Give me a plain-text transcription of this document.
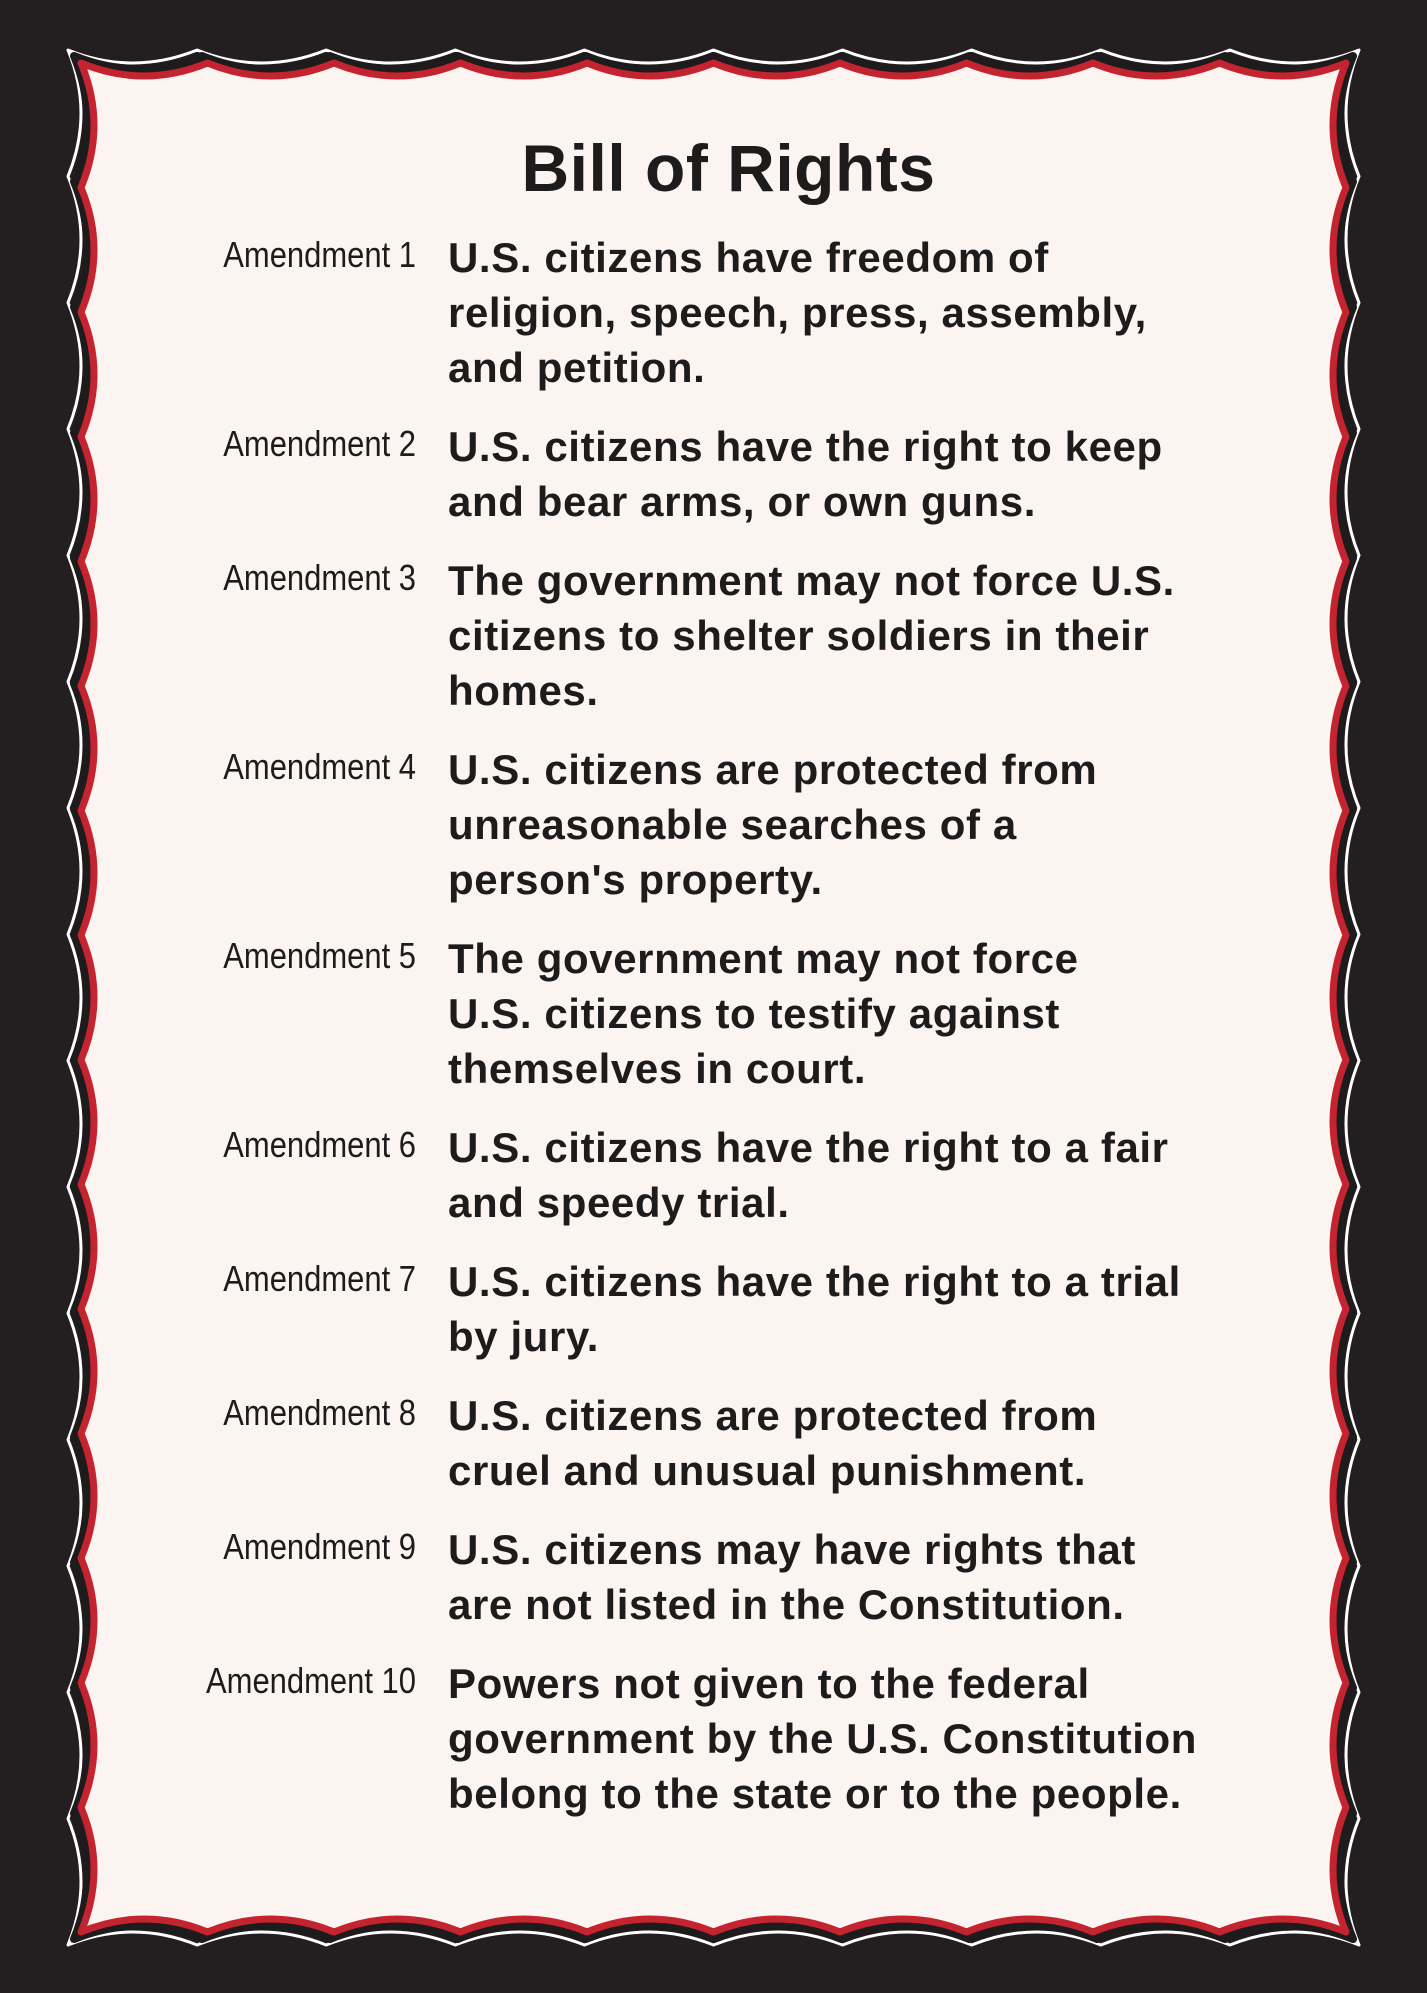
Bill of Rights
Amendment 1 U.S. citizens have freedom of
religion, speech, press, assembly,
and petition.
Amendment 2 U.S. citizens have the right to keep
and bear arms, or own guns.
Amendment 3 The government may not force U.S.
citizens to shelter soldiers in their
homes.
Amendment 4 U.S. citizens are protected from
unreasonable searches of a
person's property.
Amendment 5 The government may not force
U.S. citizens to testify against
themselves in court.
Amendment 6 U.S. citizens have the right to a fair
and speedy trial.
Amendment 7 U.S. citizens have the right to a trial
by jury.
Amendment 8 U.S. citizens are protected from
cruel and unusual punishment.
Amendment 9 U.S. citizens may have rights that
are not listed in the Constitution.
Amendment 10 Powers not given to the federal
government by the U.S. Constitution
belong to the state or to the people.
